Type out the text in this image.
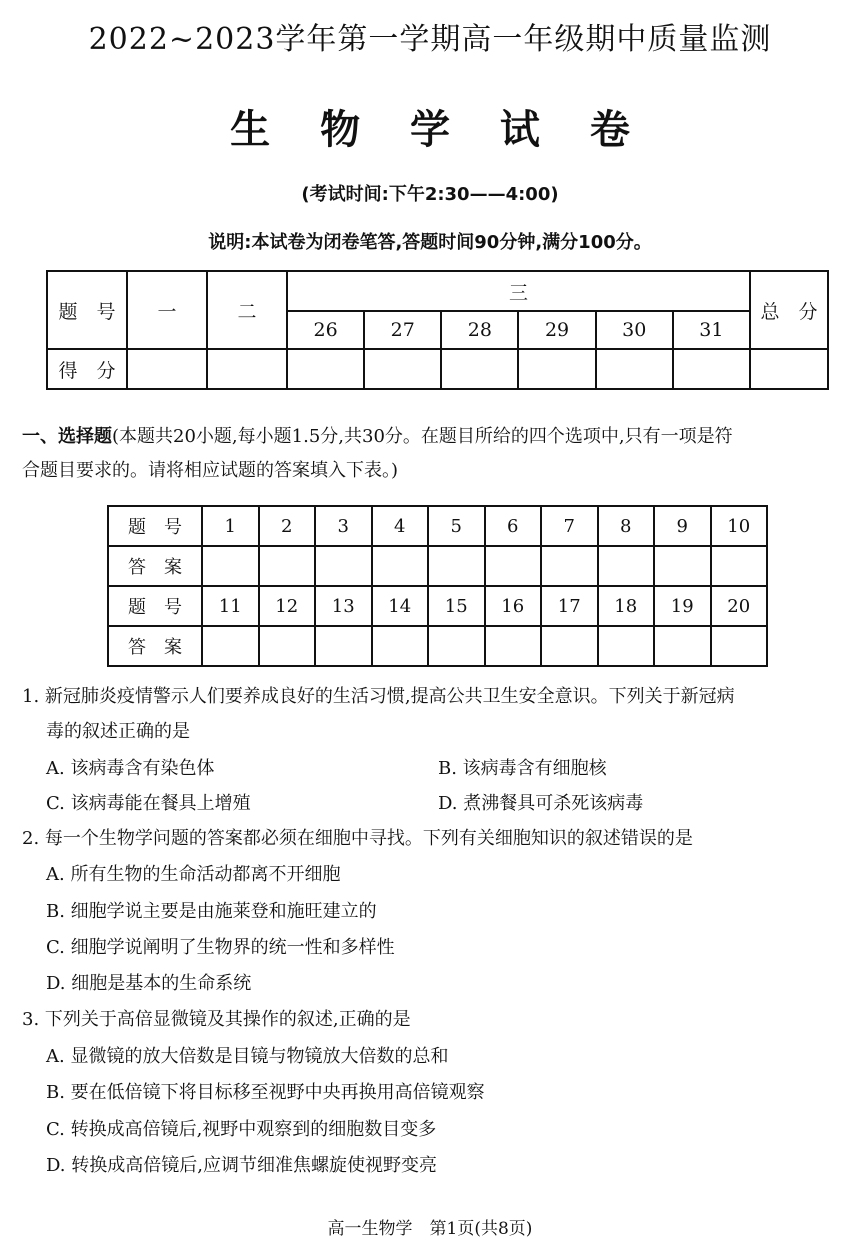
2022~2023学年第一学期高一年级期中质量监测
生 物 学 试 卷
(考试时间:下午2:30——4:00)
说明:本试卷为闭卷笔答,答题时间90分钟,满分100分。
题　号	一	二	三						总　分
			26	27	28	29	30	31	
得　分									
一、选择题(本题共20小题,每小题1.5分,共30分。在题目所给的四个选项中,只有一项是符
合题目要求的。请将相应试题的答案填入下表。)
题　号	1	2	3	4	5	6	7	8	9	10
答　案										
题　号	11	12	13	14	15	16	17	18	19	20
答　案										
1. 新冠肺炎疫情警示人们要养成良好的生活习惯,提高公共卫生安全意识。下列关于新冠病
毒的叙述正确的是
A. 该病毒含有染色体	B. 该病毒含有细胞核
C. 该病毒能在餐具上增殖	D. 煮沸餐具可杀死该病毒
2. 每一个生物学问题的答案都必须在细胞中寻找。下列有关细胞知识的叙述错误的是
A. 所有生物的生命活动都离不开细胞
B. 细胞学说主要是由施莱登和施旺建立的
C. 细胞学说阐明了生物界的统一性和多样性
D. 细胞是基本的生命系统
3. 下列关于高倍显微镜及其操作的叙述,正确的是
A. 显微镜的放大倍数是目镜与物镜放大倍数的总和
B. 要在低倍镜下将目标移至视野中央再换用高倍镜观察
C. 转换成高倍镜后,视野中观察到的细胞数目变多
D. 转换成高倍镜后,应调节细准焦螺旋使视野变亮
高一生物学　第1页(共8页)
